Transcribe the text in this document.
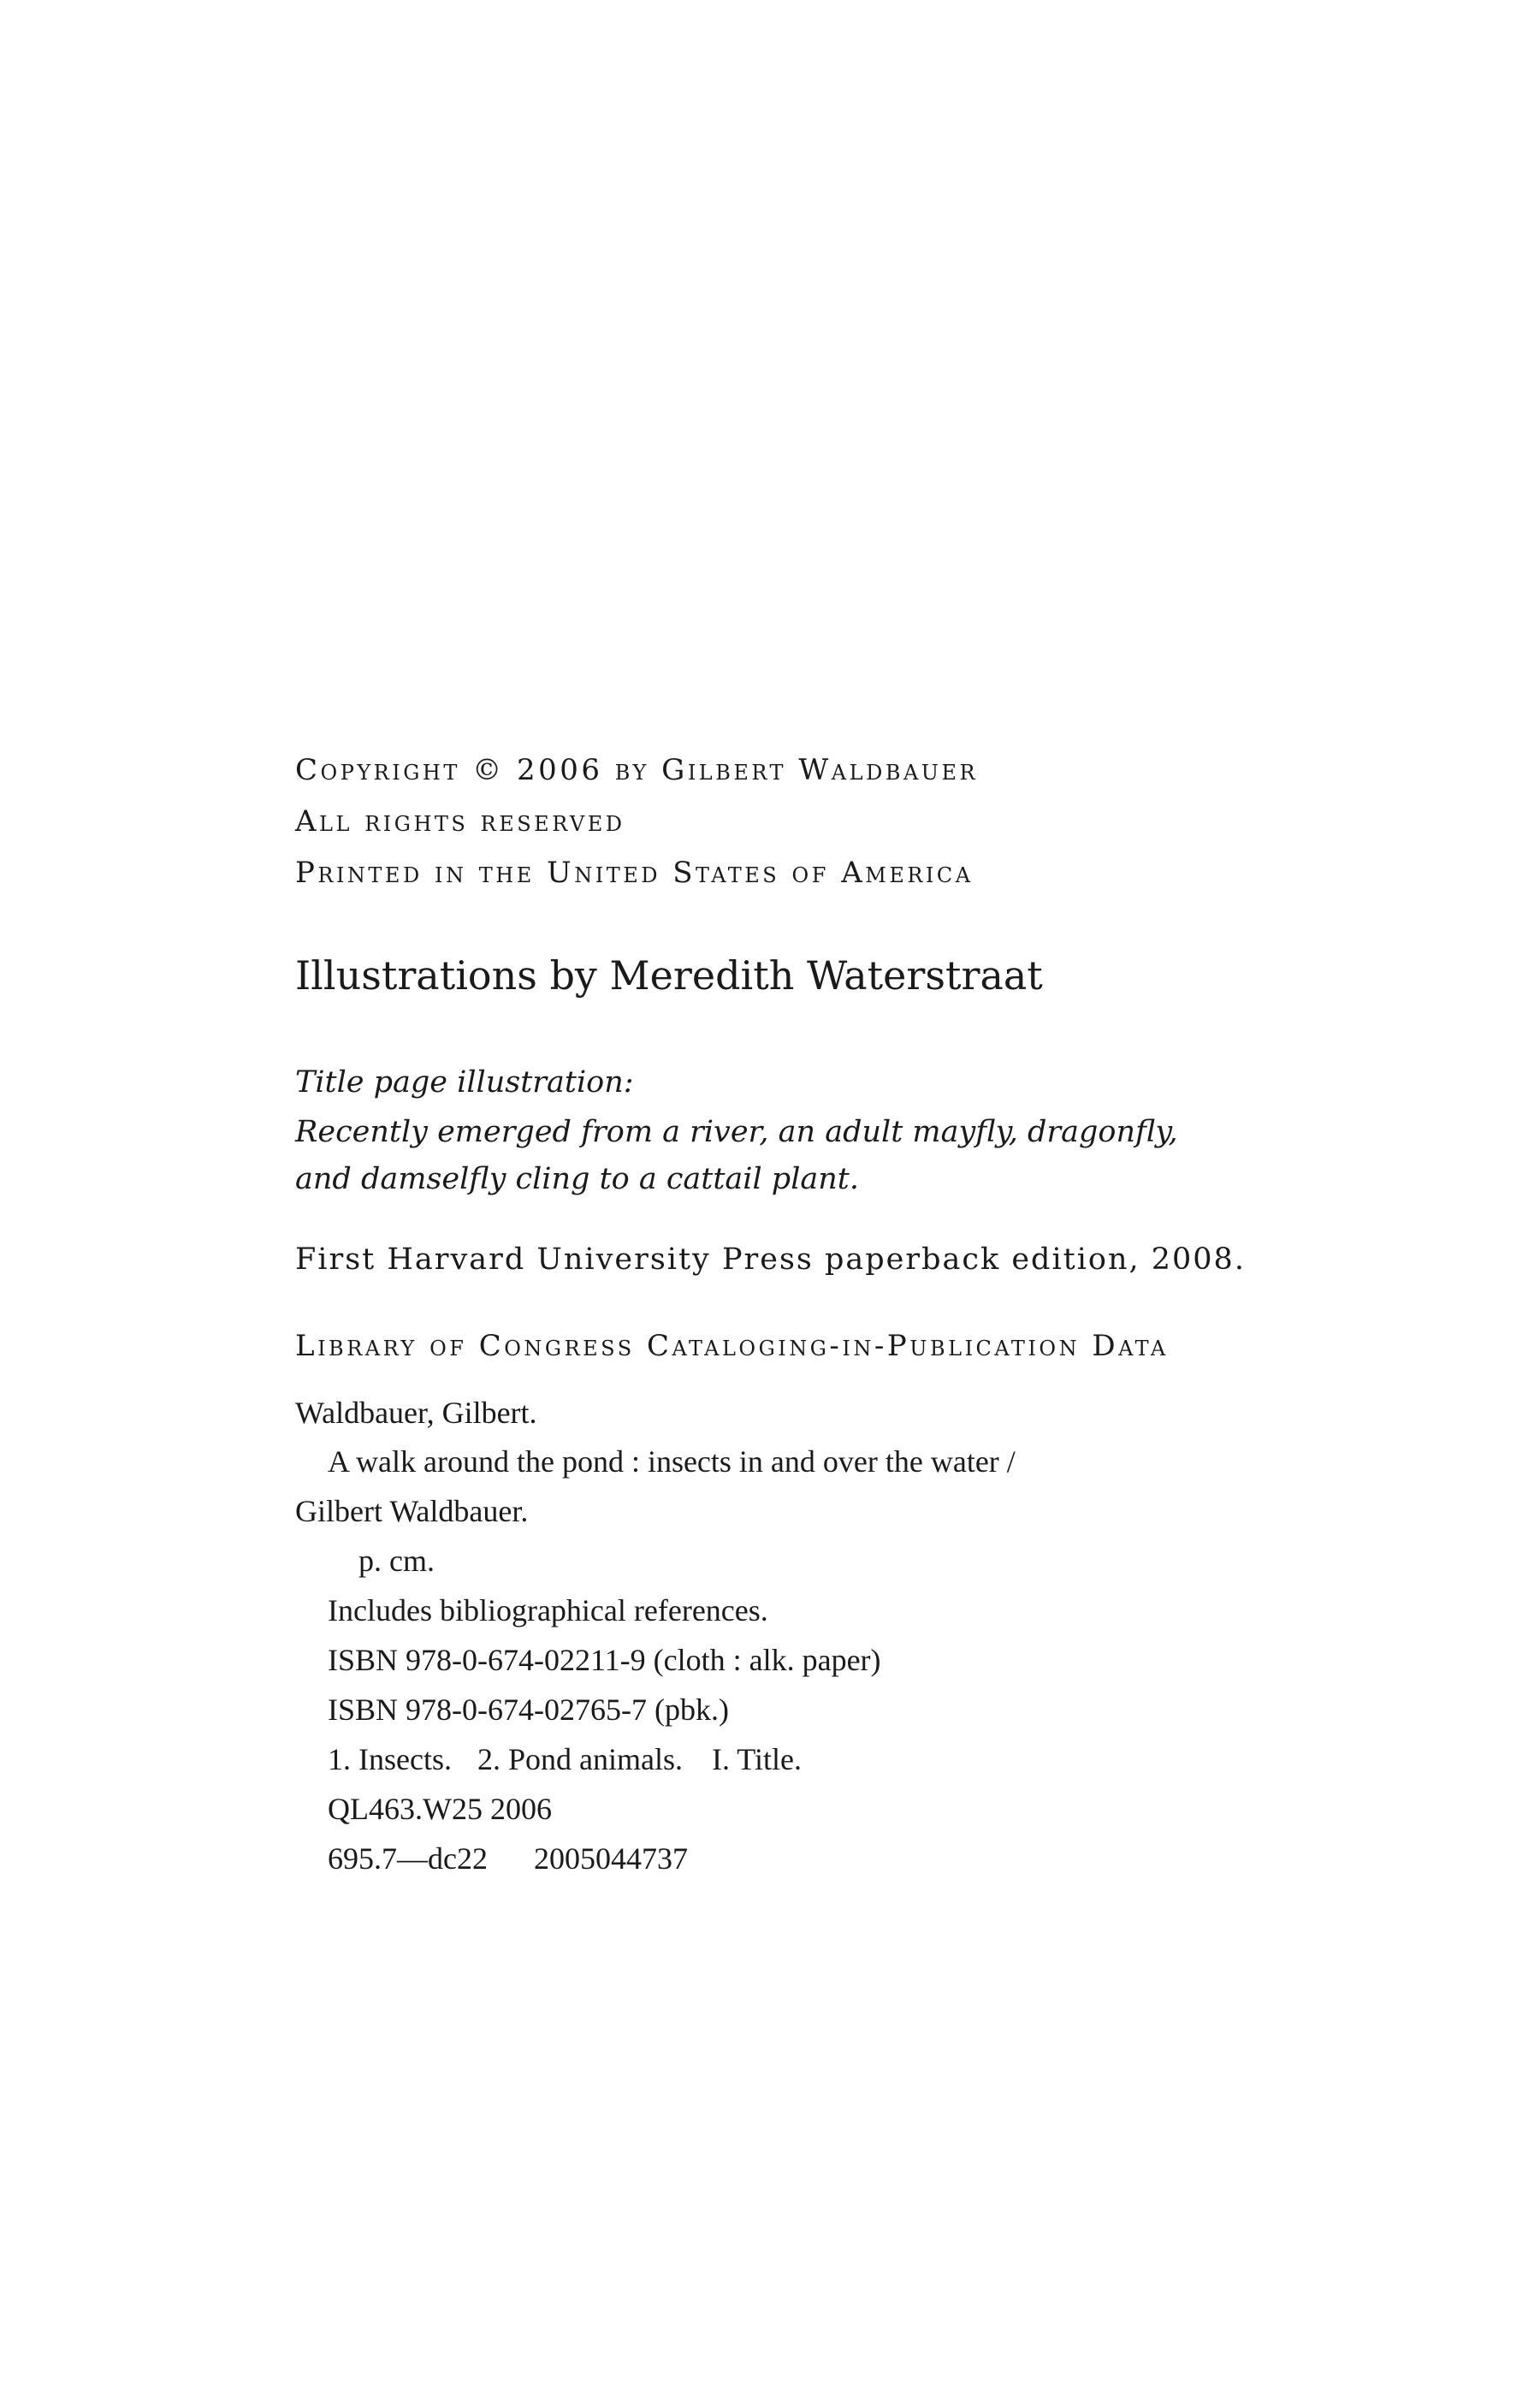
Copyright © 2006 by Gilbert Waldbauer

All rights reserved

Printed in the United States of America

Illustrations by Meredith Waterstraat

Title page illustration:

Recently emerged from a river, an adult mayfly, dragonfly,

and damselfly cling to a cattail plant.

First Harvard University Press paperback edition, 2008.

Library of Congress Cataloging-in-Publication Data

Waldbauer, Gilbert.

A walk around the pond : insects in and over the water /

Gilbert Waldbauer.

p. cm.

Includes bibliographical references.

ISBN 978-0-674-02211-9 (cloth : alk. paper)

ISBN 978-0-674-02765-7 (pbk.)

1. Insects. 2. Pond animals. I. Title.

QL463.W25 2006

695.7—dc22 2005044737
